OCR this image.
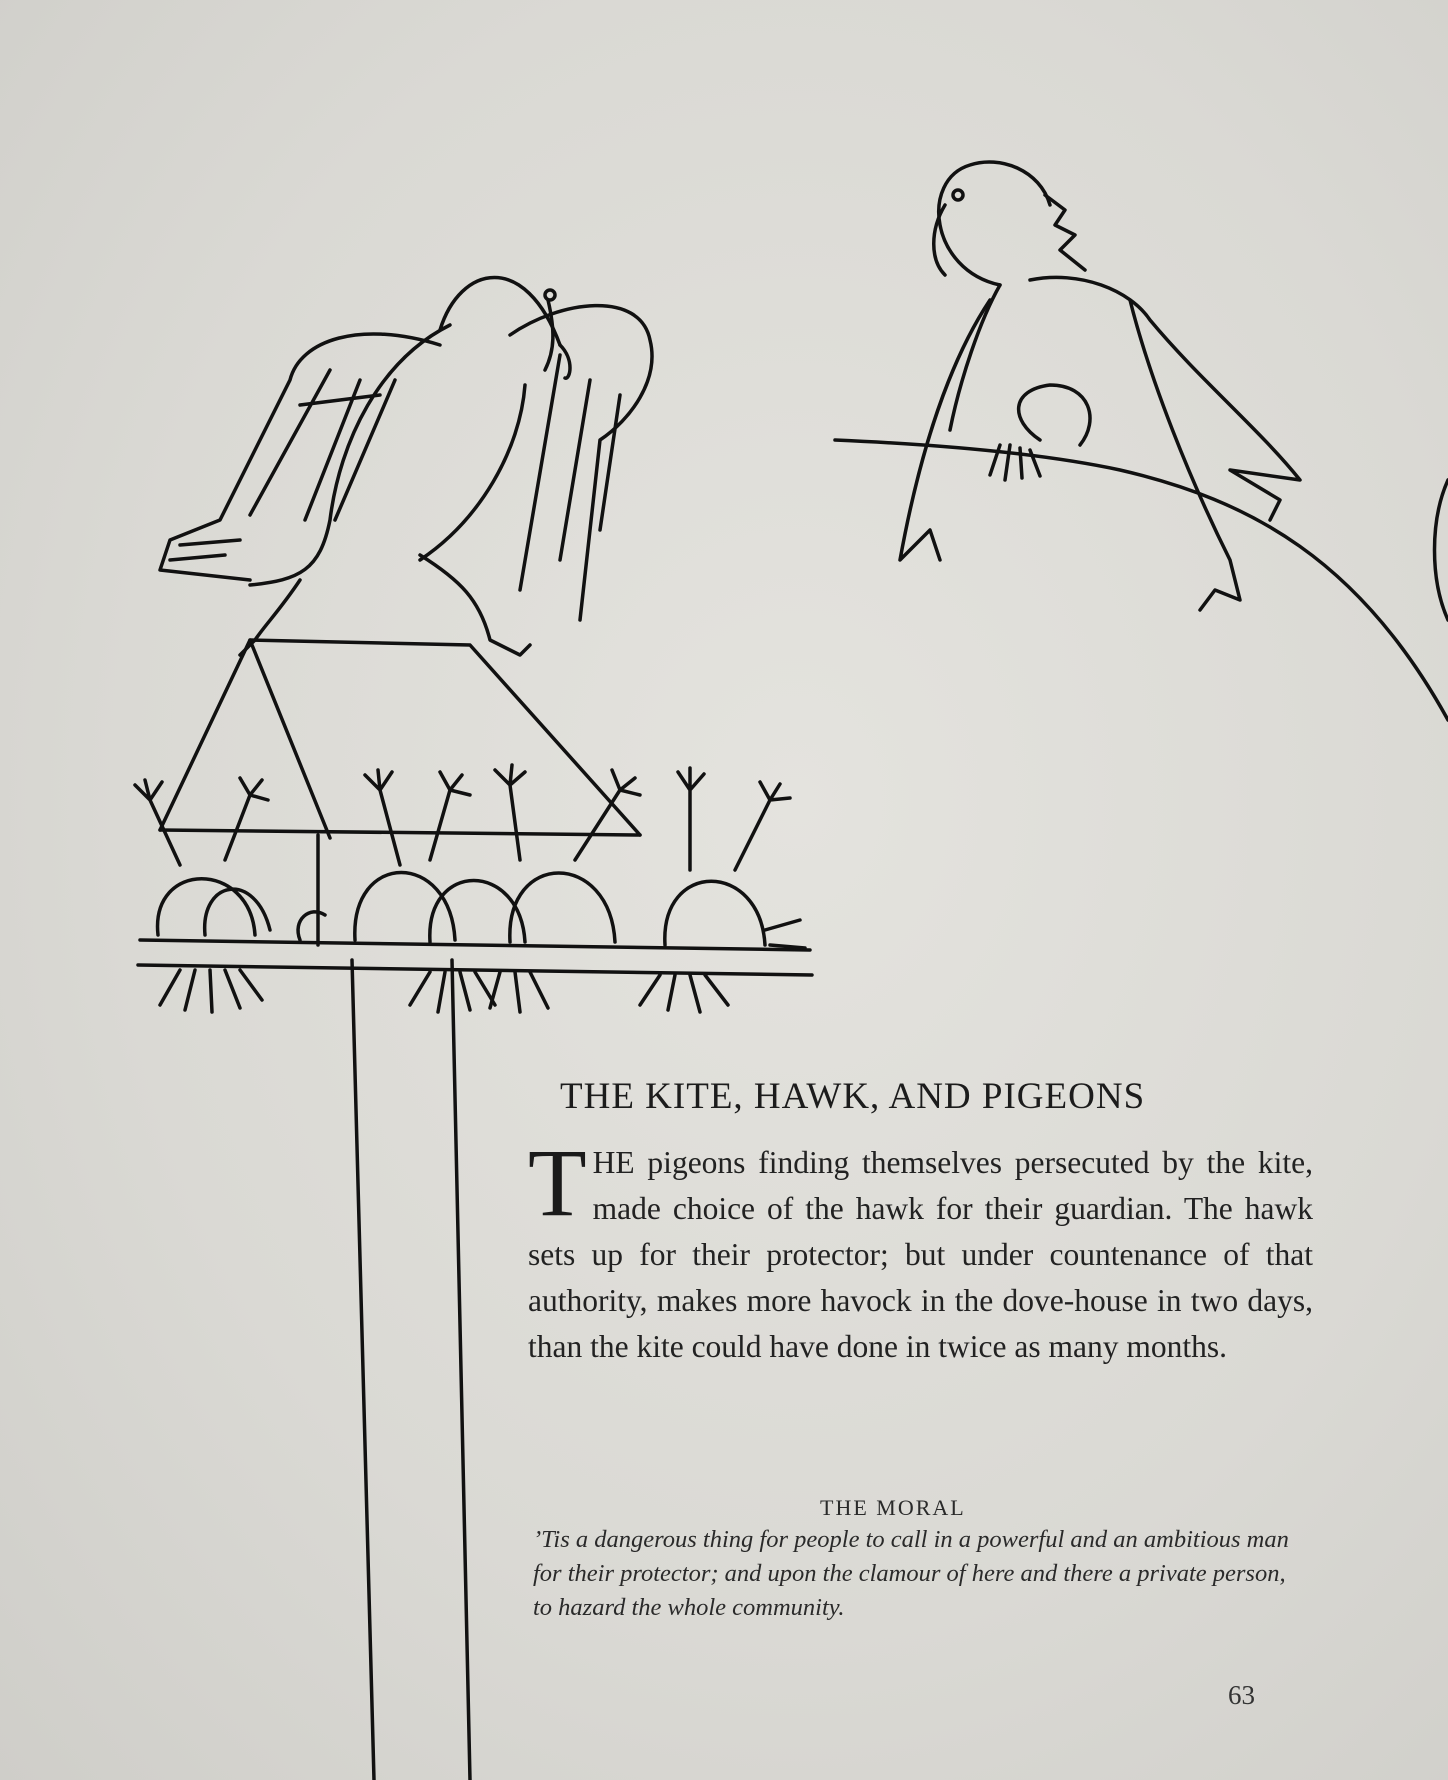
THE KITE, HAWK, AND PIGEONS

THE pigeons finding themselves persecuted by the kite, made choice of the hawk for their guardian. The hawk sets up for their protector; but under countenance of that authority, makes more havock in the dove-house in two days, than the kite could have done in twice as many months.

THE MORAL

’Tis a dangerous thing for people to call in a powerful and an ambitious man for their protector; and upon the clamour of here and there a private person, to hazard the whole community.

63
